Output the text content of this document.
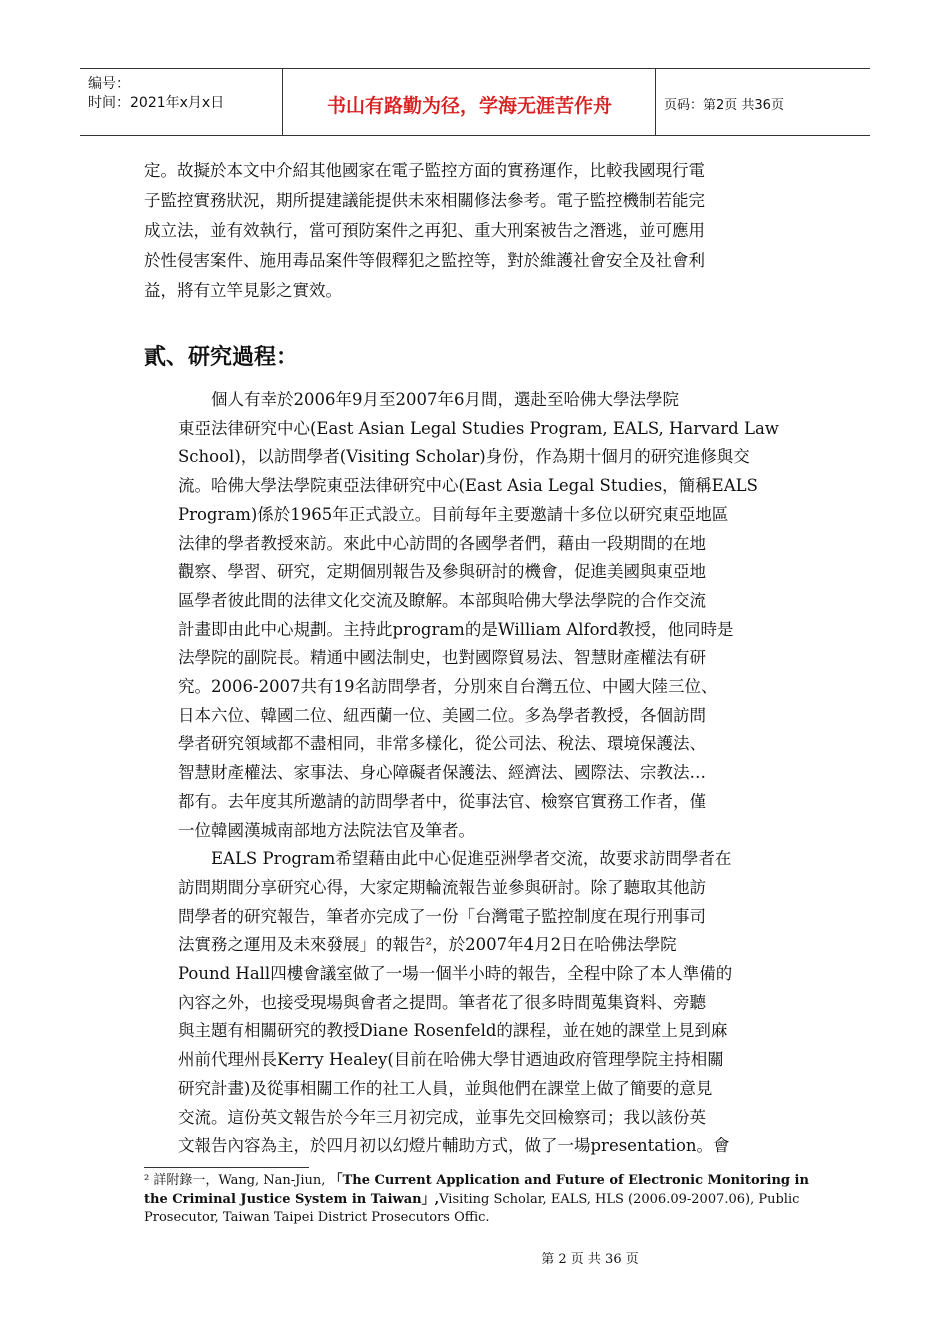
编号：
时间：2021年x月x日	书山有路勤为径，学海无涯苦作舟	页码：第2页 共36页

定。故擬於本文中介紹其他國家在電子監控方面的實務運作，比較我國現行電

子監控實務狀況，期所提建議能提供未來相關修法參考。電子監控機制若能完

成立法，並有效執行，當可預防案件之再犯、重大刑案被告之潛逃，並可應用

於性侵害案件、施用毒品案件等假釋犯之監控等，對於維護社會安全及社會利

益，將有立竿見影之實效。

貳、研究過程：

　　個人有幸於2006年9月至2007年6月間，選赴至哈佛大學法學院

東亞法律研究中心(East Asian Legal Studies Program, EALS, Harvard Law

School)，以訪問學者(Visiting Scholar)身份，作為期十個月的研究進修與交

流。哈佛大學法學院東亞法律研究中心(East Asia Legal Studies，簡稱EALS

Program)係於1965年正式設立。目前每年主要邀請十多位以研究東亞地區

法律的學者教授來訪。來此中心訪問的各國學者們，藉由一段期間的在地

觀察、學習、研究，定期個別報告及參與研討的機會，促進美國與東亞地

區學者彼此間的法律文化交流及瞭解。本部與哈佛大學法學院的合作交流

計畫即由此中心規劃。主持此program的是William Alford教授，他同時是

法學院的副院長。精通中國法制史，也對國際貿易法、智慧財產權法有研

究。2006-2007共有19名訪問學者，分別來自台灣五位、中國大陸三位、

日本六位、韓國二位、紐西蘭一位、美國二位。多為學者教授，各個訪問

學者研究領域都不盡相同，非常多樣化，從公司法、稅法、環境保護法、

智慧財產權法、家事法、身心障礙者保護法、經濟法、國際法、宗教法…

都有。去年度其所邀請的訪問學者中，從事法官、檢察官實務工作者，僅

一位韓國漢城南部地方法院法官及筆者。

　　EALS Program希望藉由此中心促進亞洲學者交流，故要求訪問學者在

訪問期間分享研究心得，大家定期輪流報告並參與研討。除了聽取其他訪

問學者的研究報告，筆者亦完成了一份「台灣電子監控制度在現行刑事司

法實務之運用及未來發展」的報告²，於2007年4月2日在哈佛法學院

Pound Hall四樓會議室做了一場一個半小時的報告，全程中除了本人準備的

內容之外，也接受現場與會者之提問。筆者花了很多時間蒐集資料、旁聽

與主題有相關研究的教授Diane Rosenfeld的課程，並在她的課堂上見到麻

州前代理州長Kerry Healey(目前在哈佛大學甘迺迪政府管理學院主持相關

研究計畫)及從事相關工作的社工人員，並與他們在課堂上做了簡要的意見

交流。這份英文報告於今年三月初完成，並事先交回檢察司；我以該份英

文報告內容為主，於四月初以幻燈片輔助方式，做了一場presentation。會

² 詳附錄一，Wang, Nan-Jiun, 「The Current Application and Future of Electronic Monitoring in

the Criminal Justice System in Taiwan」,Visiting Scholar, EALS, HLS (2006.09-2007.06), Public

Prosecutor, Taiwan Taipei District Prosecutors Offic.

第 2 页 共 36 页
